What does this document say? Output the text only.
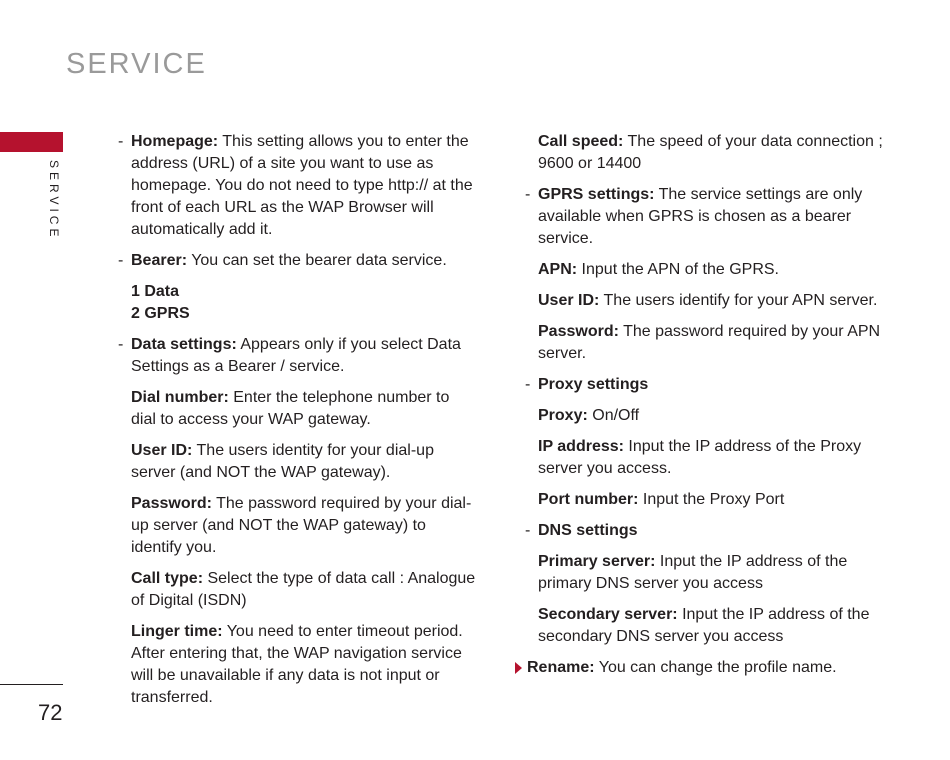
SERVICE
SERVICE
72
- Homepage: This setting allows you to enter the address (URL) of a site you want to use as homepage. You do not need to type http:// at the front of each URL as the WAP Browser will automatically add it.
- Bearer: You can set the bearer data service.
1 Data
2 GPRS
- Data settings: Appears only if you select Data Settings as a Bearer / service.
Dial number: Enter the telephone number to dial to access your WAP gateway.
User ID: The users identity for your dial-up server (and NOT the WAP gateway).
Password: The password required by your dial-up server (and NOT the WAP gateway) to identify you.
Call type: Select the type of data call : Analogue of Digital (ISDN)
Linger time: You need to enter timeout period. After entering that, the WAP navigation service will be unavailable if any data is not input or transferred.
Call speed: The speed of your data connection ; 9600 or 14400
- GPRS settings: The service settings are only available when GPRS is chosen as a bearer service.
APN: Input the APN of the GPRS.
User ID: The users identify for your APN server.
Password: The password required by your APN server.
- Proxy settings
Proxy: On/Off
IP address: Input the IP address of the Proxy server you access.
Port number: Input the Proxy Port
- DNS settings
Primary server: Input the IP address of the primary DNS server you access
Secondary server: Input the IP address of the secondary DNS server you access
Rename: You can change the profile name.
